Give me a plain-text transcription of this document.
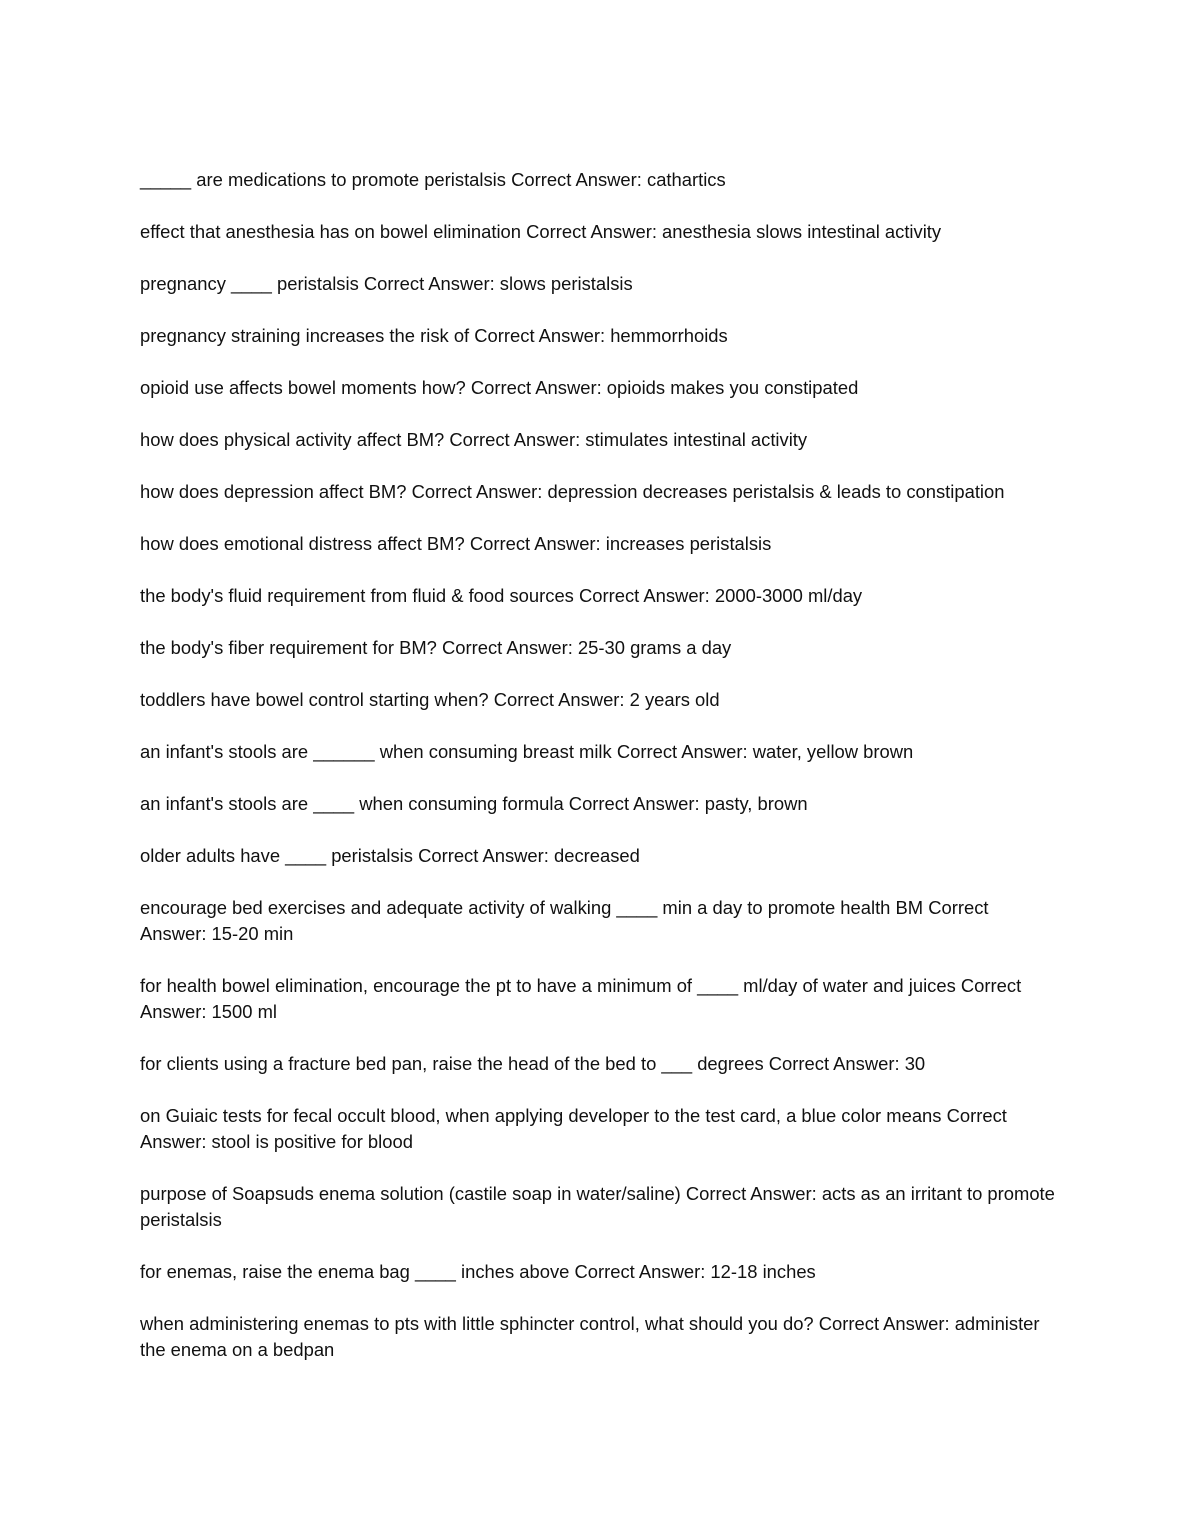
_____ are medications to promote peristalsis Correct Answer: cathartics
effect that anesthesia has on bowel elimination Correct Answer: anesthesia slows intestinal activity
pregnancy ____ peristalsis Correct Answer: slows peristalsis
pregnancy straining increases the risk of Correct Answer: hemmorrhoids
opioid use affects bowel moments how? Correct Answer: opioids makes you constipated
how does physical activity affect BM? Correct Answer: stimulates intestinal activity
how does depression affect BM? Correct Answer: depression decreases peristalsis & leads to constipation
how does emotional distress affect BM? Correct Answer: increases peristalsis
the body's fluid requirement from fluid & food sources Correct Answer: 2000-3000 ml/day
the body's fiber requirement for BM? Correct Answer: 25-30 grams a day
toddlers have bowel control starting when? Correct Answer: 2 years old
an infant's stools are ______ when consuming breast milk Correct Answer: water, yellow brown
an infant's stools are ____ when consuming formula Correct Answer: pasty, brown
older adults have ____ peristalsis Correct Answer: decreased
encourage bed exercises and adequate activity of walking ____ min a day to promote health BM Correct Answer: 15-20 min
for health bowel elimination, encourage the pt to have a minimum of ____ ml/day of water and juices Correct Answer: 1500 ml
for clients using a fracture bed pan, raise the head of the bed to ___ degrees Correct Answer: 30
on Guiaic tests for fecal occult blood, when applying developer to the test card, a blue color means Correct Answer: stool is positive for blood
purpose of Soapsuds enema solution (castile soap in water/saline) Correct Answer: acts as an irritant to promote peristalsis
for enemas, raise the enema bag ____ inches above Correct Answer: 12-18 inches
when administering enemas to pts with little sphincter control, what should you do? Correct Answer: administer the enema on a bedpan
